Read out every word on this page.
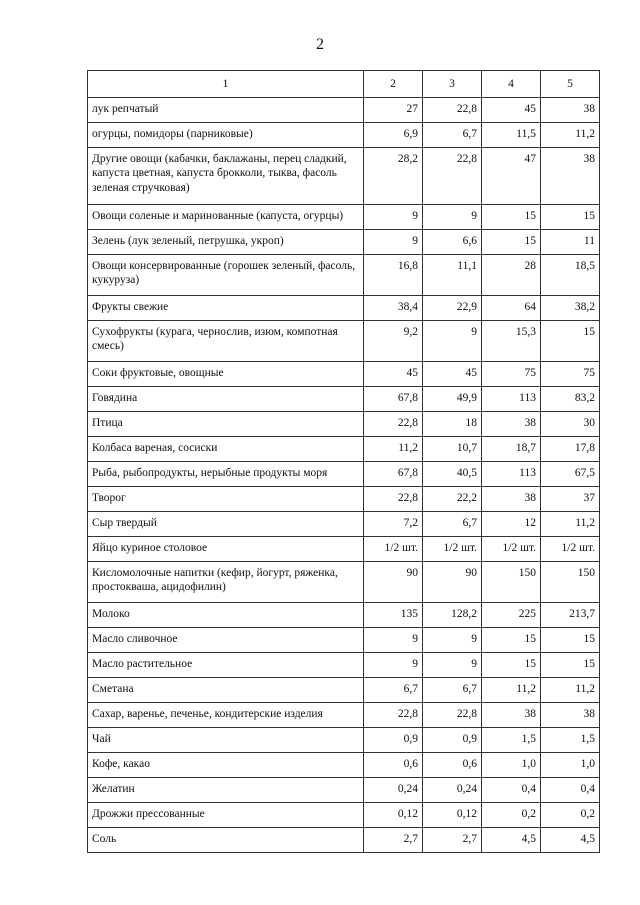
2
1	2	3	4	5
лук репчатый	27	22,8	45	38
огурцы, помидоры (парниковые)	6,9	6,7	11,5	11,2
Другие овощи (кабачки, баклажаны, перец сладкий, капуста цветная, капуста брокколи, тыква, фасоль зеленая стручковая)	28,2	22,8	47	38
Овощи соленые и маринованные (капуста, огурцы)	9	9	15	15
Зелень (лук зеленый, петрушка, укроп)	9	6,6	15	11
Овощи консервированные (горошек зеленый, фасоль, кукуруза)	16,8	11,1	28	18,5
Фрукты свежие	38,4	22,9	64	38,2
Сухофрукты (курага, чернослив, изюм, компотная смесь)	9,2	9	15,3	15
Соки фруктовые, овощные	45	45	75	75
Говядина	67,8	49,9	113	83,2
Птица	22,8	18	38	30
Колбаса вареная, сосиски	11,2	10,7	18,7	17,8
Рыба, рыбопродукты, нерыбные продукты моря	67,8	40,5	113	67,5
Творог	22,8	22,2	38	37
Сыр твердый	7,2	6,7	12	11,2
Яйцо куриное столовое	1/2 шт.	1/2 шт.	1/2 шт.	1/2 шт.
Кисломолочные напитки (кефир, йогурт, ряженка, простокваша, ацидофилин)	90	90	150	150
Молоко	135	128,2	225	213,7
Масло сливочное	9	9	15	15
Масло растительное	9	9	15	15
Сметана	6,7	6,7	11,2	11,2
Сахар, варенье, печенье, кондитерские изделия	22,8	22,8	38	38
Чай	0,9	0,9	1,5	1,5
Кофе, какао	0,6	0,6	1,0	1,0
Желатин	0,24	0,24	0,4	0,4
Дрожжи прессованные	0,12	0,12	0,2	0,2
Соль	2,7	2,7	4,5	4,5
